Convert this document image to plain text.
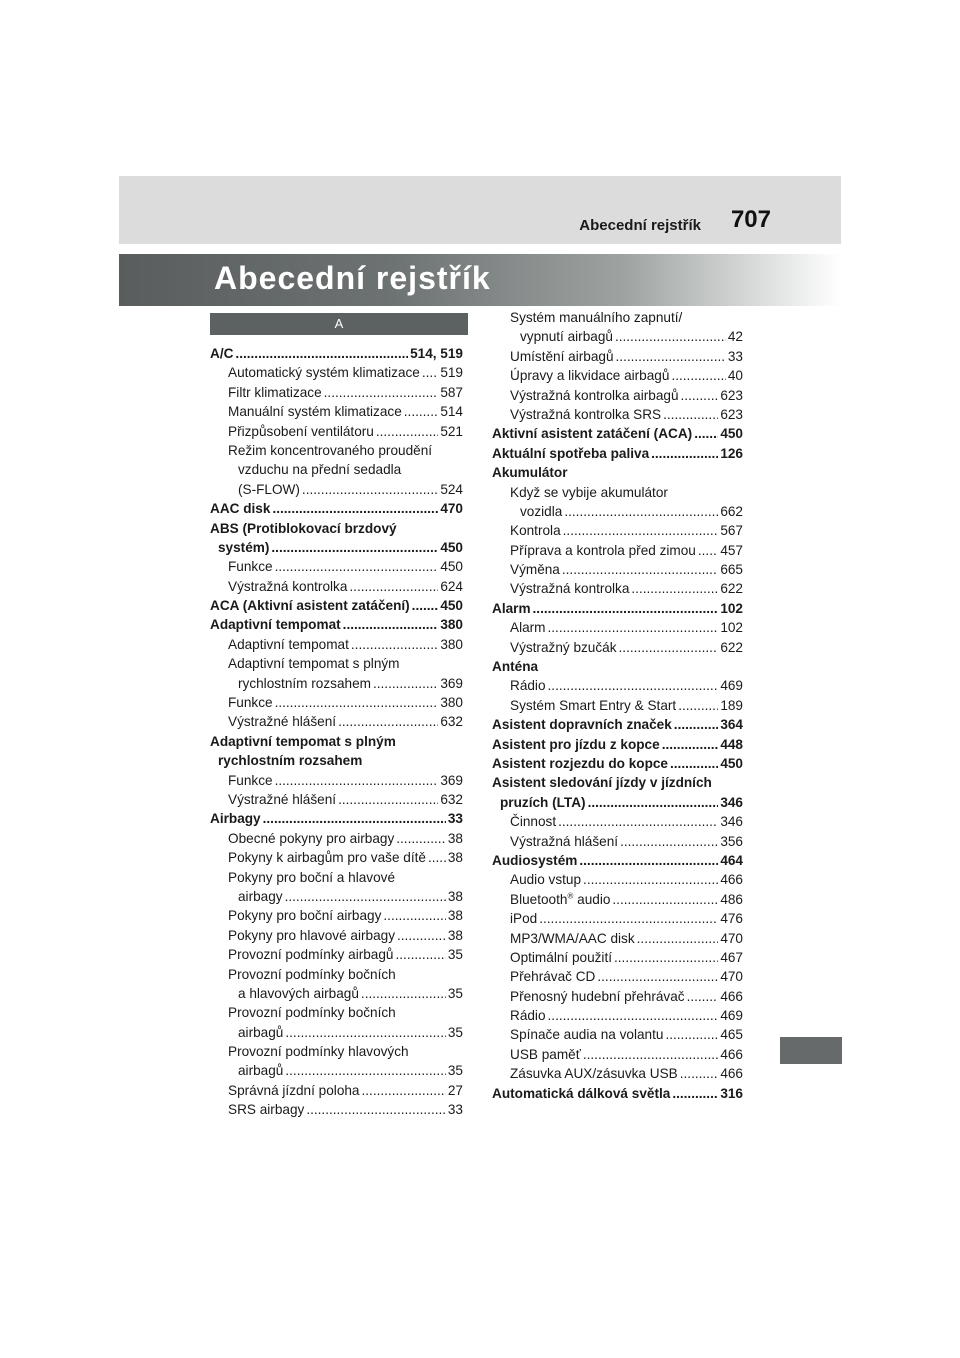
Abecední rejstřík 707
Abecední rejstřík
A
A/C .....	514, 519
Automatický systém klimatizace ..... 519
Filtr klimatizace .....	587
Manuální systém klimatizace .....	514
Přizpůsobení ventilátoru .....	521
Režim koncentrovaného proudění
vzduchu na přední sedadla
(S-FLOW) .....	524
AAC disk .....	470
ABS (Protiblokovací brzdový
systém) .....	450
Funkce .....	450
Výstražná kontrolka .....	624
ACA (Aktivní asistent zatáčení) ..... 450
Adaptivní tempomat .....	380
Adaptivní tempomat .....	380
Adaptivní tempomat s plným
rychlostním rozsahem .....	369
Funkce .....	380
Výstražné hlášení .....	632
Adaptivní tempomat s plným
rychlostním rozsahem
Funkce .....	369
Výstražné hlášení .....	632
Airbagy .....	33
Obecné pokyny pro airbagy .....	38
Pokyny k airbagům pro vaše dítě ..... 38
Pokyny pro boční a hlavové
airbagy .....	38
Pokyny pro boční airbagy .....	38
Pokyny pro hlavové airbagy .....	38
Provozní podmínky airbagů .....	35
Provozní podmínky bočních
a hlavových airbagů .....	35
Provozní podmínky bočních
airbagů .....	35
Provozní podmínky hlavových
airbagů .....	35
Správná jízdní poloha .....	27
SRS airbagy .....	33
Systém manuálního zapnutí/
vypnutí airbagů .....	42
Umístění airbagů .....	33
Úpravy a likvidace airbagů .....	40
Výstražná kontrolka airbagů .....	623
Výstražná kontrolka SRS .....	623
Aktivní asistent zatáčení (ACA) ..... 450
Aktuální spotřeba paliva .....	126
Akumulátor
Když se vybije akumulátor
vozidla .....	662
Kontrola .....	567
Příprava a kontrola před zimou ..... 457
Výměna .....	665
Výstražná kontrolka .....	622
Alarm .....	102
Alarm .....	102
Výstražný bzučák .....	622
Anténa
Rádio .....	469
Systém Smart Entry & Start .....	189
Asistent dopravních značek .....	364
Asistent pro jízdu z kopce .....	448
Asistent rozjezdu do kopce .....	450
Asistent sledování jízdy v jízdních
pruzích (LTA) .....	346
Činnost .....	346
Výstražná hlášení .....	356
Audiosystém .....	464
Audio vstup .....	466
Bluetooth® audio .....	486
iPod .....	476
MP3/WMA/AAC disk .....	470
Optimální použití .....	467
Přehrávač CD .....	470
Přenosný hudební přehrávač .....	466
Rádio .....	469
Spínače audia na volantu .....	465
USB paměť .....	466
Zásuvka AUX/zásuvka USB .....	466
Automatická dálková světla .....	316
